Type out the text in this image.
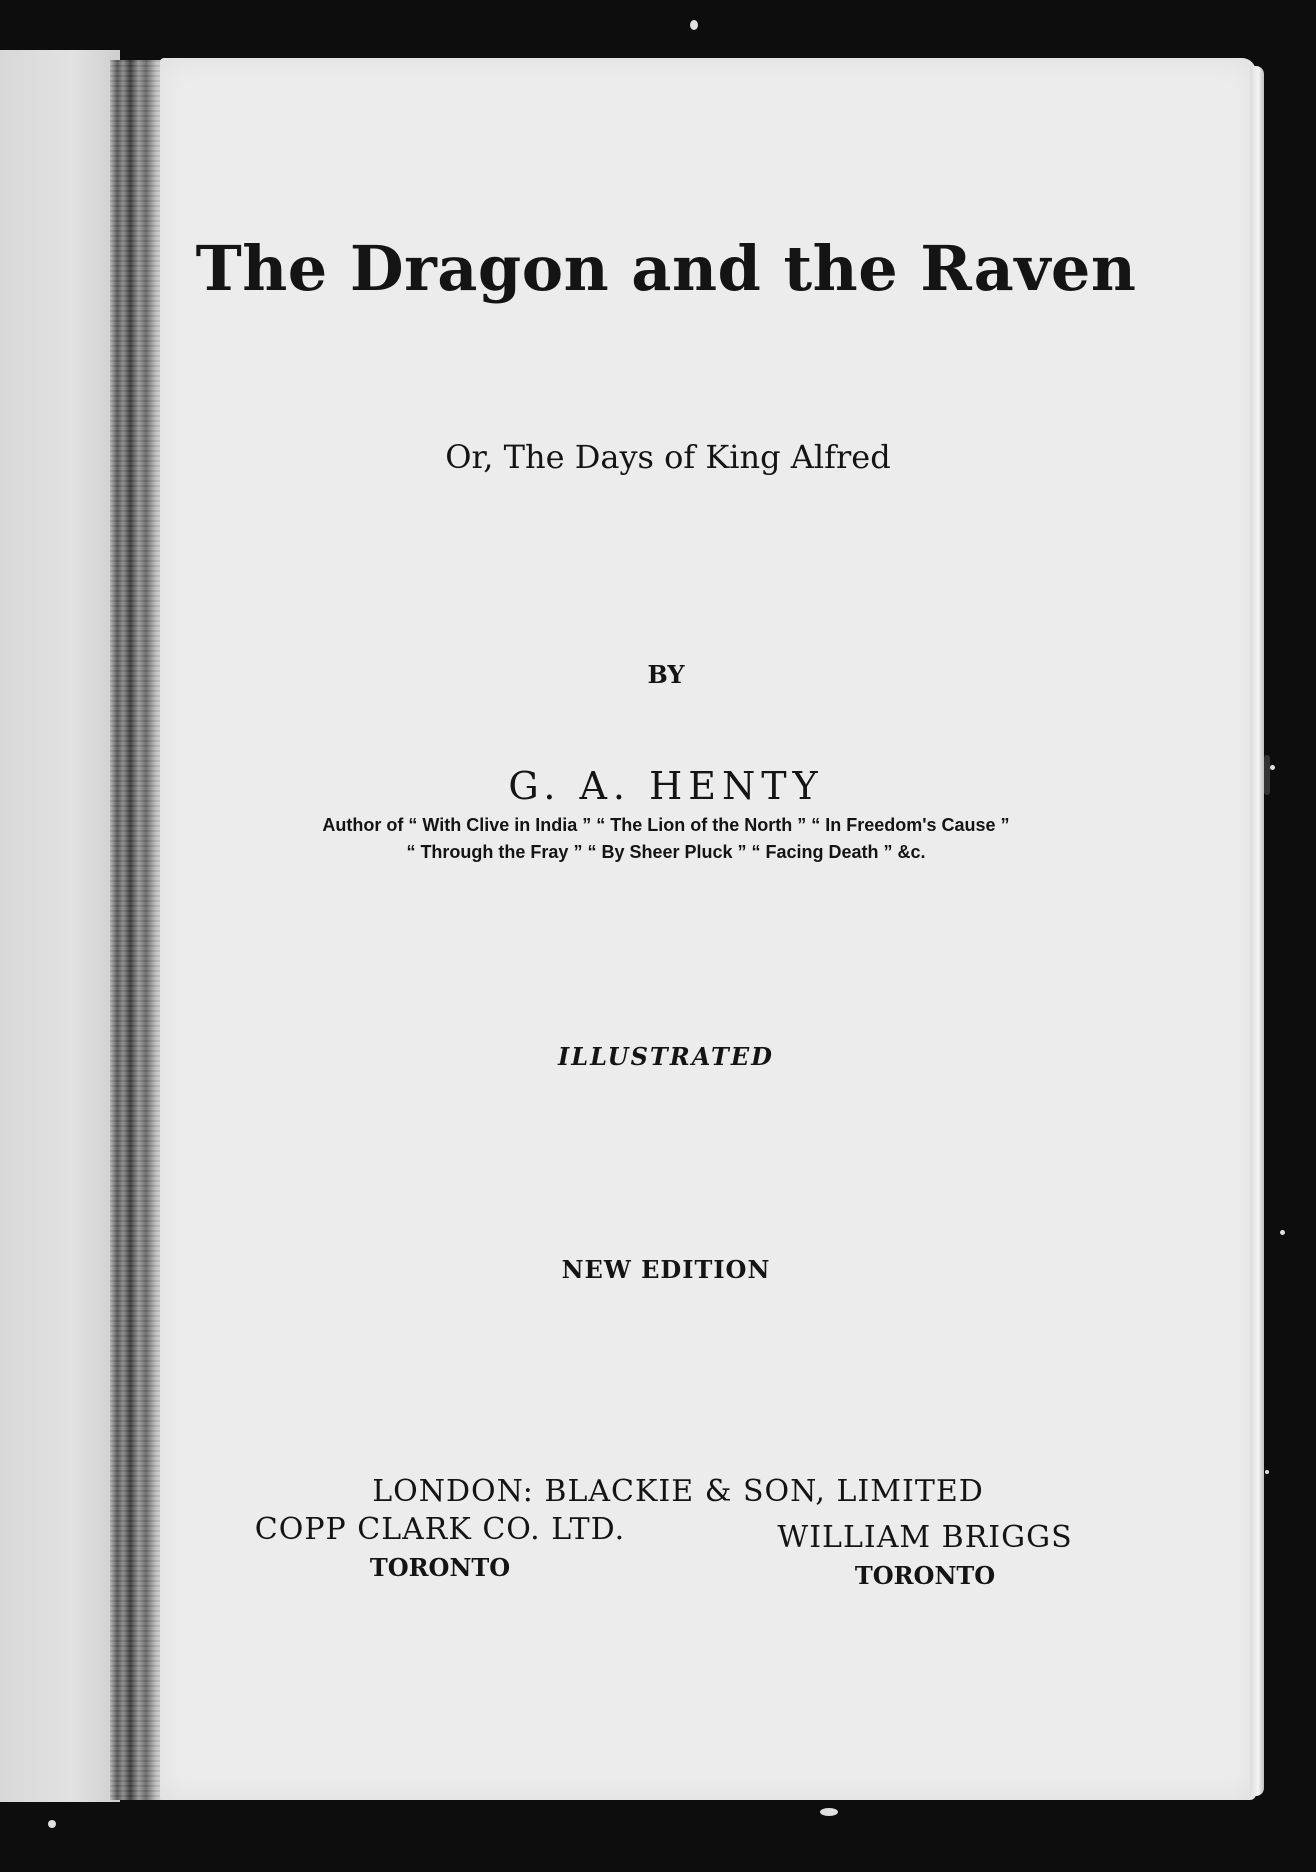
The Dragon and the Raven
Or, The Days of King Alfred
BY
G. A. HENTY
Author of “ With Clive in India ” “ The Lion of the North ” “ In Freedom's Cause ”
“ Through the Fray ” “ By Sheer Pluck ” “ Facing Death ” &c.
ILLUSTRATED
NEW EDITION
LONDON: BLACKIE & SON, LIMITED
COPP CLARK CO. LTD.
TORONTO
WILLIAM BRIGGS
TORONTO
